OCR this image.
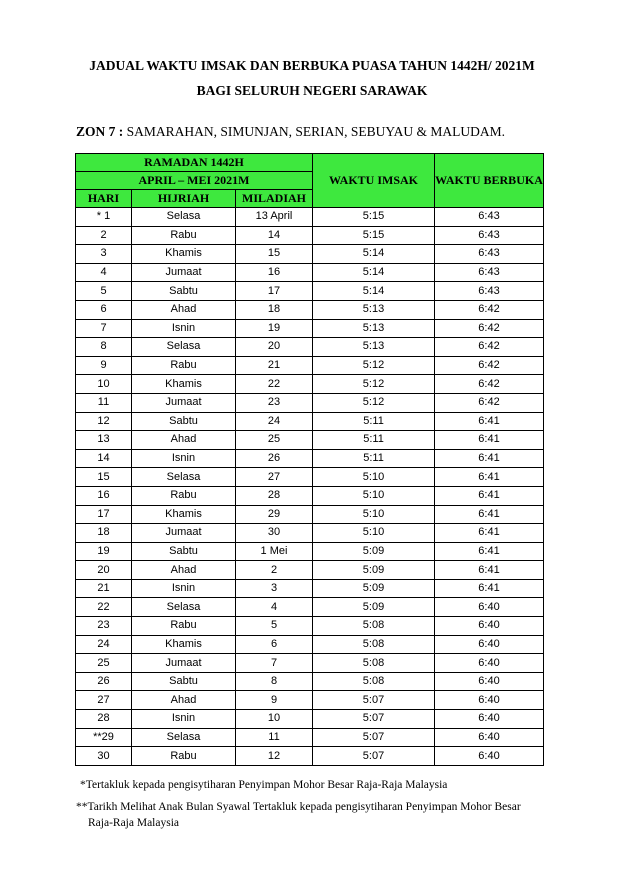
JADUAL WAKTU IMSAK DAN BERBUKA PUASA TAHUN 1442H/ 2021M
BAGI SELURUH NEGERI SARAWAK
ZON 7 : SAMARAHAN, SIMUNJAN, SERIAN, SEBUYAU & MALUDAM.
RAMADAN 1442H			WAKTU IMSAK	WAKTU BERBUKA
APRIL – MEI 2021M				
HARI	HIJRIAH	MILADIAH		
* 1	Selasa	13 April	5:15	6:43
2	Rabu	14	5:15	6:43
3	Khamis	15	5:14	6:43
4	Jumaat	16	5:14	6:43
5	Sabtu	17	5:14	6:43
6	Ahad	18	5:13	6:42
7	Isnin	19	5:13	6:42
8	Selasa	20	5:13	6:42
9	Rabu	21	5:12	6:42
10	Khamis	22	5:12	6:42
11	Jumaat	23	5:12	6:42
12	Sabtu	24	5:11	6:41
13	Ahad	25	5:11	6:41
14	Isnin	26	5:11	6:41
15	Selasa	27	5:10	6:41
16	Rabu	28	5:10	6:41
17	Khamis	29	5:10	6:41
18	Jumaat	30	5:10	6:41
19	Sabtu	1 Mei	5:09	6:41
20	Ahad	2	5:09	6:41
21	Isnin	3	5:09	6:41
22	Selasa	4	5:09	6:40
23	Rabu	5	5:08	6:40
24	Khamis	6	5:08	6:40
25	Jumaat	7	5:08	6:40
26	Sabtu	8	5:08	6:40
27	Ahad	9	5:07	6:40
28	Isnin	10	5:07	6:40
**29	Selasa	11	5:07	6:40
30	Rabu	12	5:07	6:40
*Tertakluk kepada pengisytiharan Penyimpan Mohor Besar Raja-Raja Malaysia
**Tarikh Melihat Anak Bulan Syawal Tertakluk kepada pengisytiharan Penyimpan Mohor Besar
Raja-Raja Malaysia
